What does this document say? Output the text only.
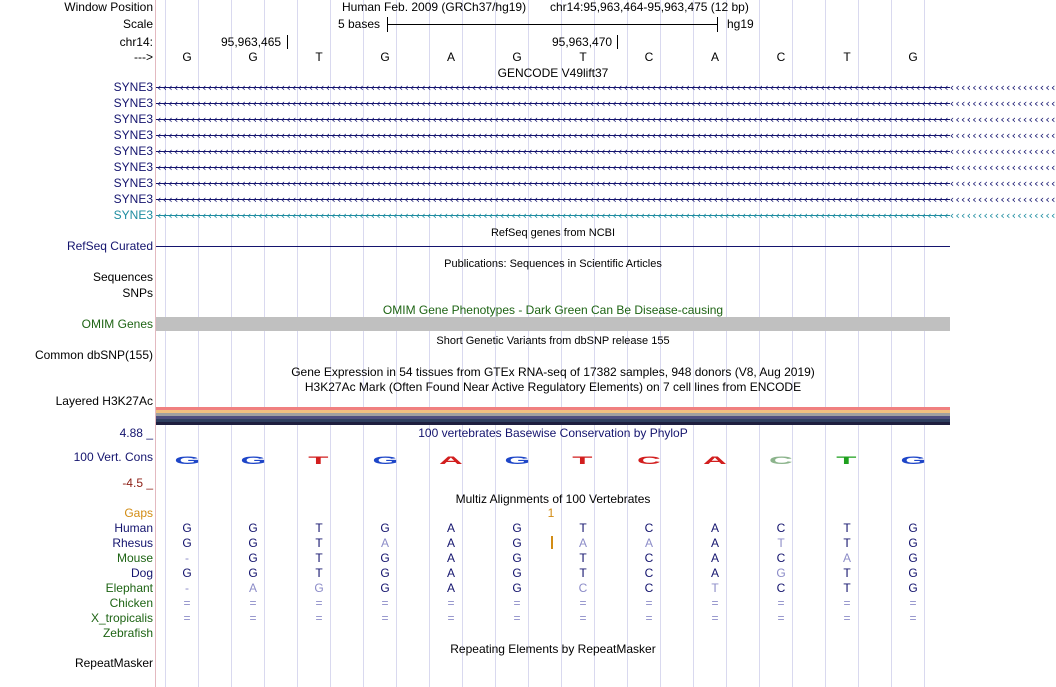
Window Position	Human Feb. 2009 (GRCh37/hg19) chr14:95,963,464-95,963,475 (12 bp)
Scale	5 bases	hg19
chr14:	95,963,465	95,963,470
--->	G	G	T	G	A	G	T	C	A	C	T	G
GENCODE V49lift37
SYNE3 ‹‹‹‹‹‹‹‹‹‹‹‹‹‹‹‹‹‹‹‹‹‹‹‹‹‹‹‹‹‹‹‹‹‹‹‹‹‹‹‹‹‹‹‹‹‹‹‹‹‹‹‹‹‹‹‹‹‹‹‹‹‹‹‹‹‹‹‹‹‹‹‹‹‹‹‹‹‹‹‹‹‹‹‹‹‹‹‹‹‹‹‹‹‹‹‹‹‹‹‹‹‹‹‹‹‹‹‹‹‹‹‹‹‹‹‹‹‹‹‹‹‹‹‹‹‹‹‹‹‹‹‹‹‹‹‹‹‹‹‹‹‹‹‹‹‹‹‹‹‹‹‹‹‹‹‹‹‹‹‹
SYNE3 ‹‹‹‹‹‹‹‹‹‹‹‹‹‹‹‹‹‹‹‹‹‹‹‹‹‹‹‹‹‹‹‹‹‹‹‹‹‹‹‹‹‹‹‹‹‹‹‹‹‹‹‹‹‹‹‹‹‹‹‹‹‹‹‹‹‹‹‹‹‹‹‹‹‹‹‹‹‹‹‹‹‹‹‹‹‹‹‹‹‹‹‹‹‹‹‹‹‹‹‹‹‹‹‹‹‹‹‹‹‹‹‹‹‹‹‹‹‹‹‹‹‹‹‹‹‹‹‹‹‹‹‹‹‹‹‹‹‹‹‹‹‹‹‹‹‹‹‹‹‹‹‹‹‹‹‹‹‹‹‹
SYNE3 ‹‹‹‹‹‹‹‹‹‹‹‹‹‹‹‹‹‹‹‹‹‹‹‹‹‹‹‹‹‹‹‹‹‹‹‹‹‹‹‹‹‹‹‹‹‹‹‹‹‹‹‹‹‹‹‹‹‹‹‹‹‹‹‹‹‹‹‹‹‹‹‹‹‹‹‹‹‹‹‹‹‹‹‹‹‹‹‹‹‹‹‹‹‹‹‹‹‹‹‹‹‹‹‹‹‹‹‹‹‹‹‹‹‹‹‹‹‹‹‹‹‹‹‹‹‹‹‹‹‹‹‹‹‹‹‹‹‹‹‹‹‹‹‹‹‹‹‹‹‹‹‹‹‹‹‹‹‹‹‹
SYNE3 ‹‹‹‹‹‹‹‹‹‹‹‹‹‹‹‹‹‹‹‹‹‹‹‹‹‹‹‹‹‹‹‹‹‹‹‹‹‹‹‹‹‹‹‹‹‹‹‹‹‹‹‹‹‹‹‹‹‹‹‹‹‹‹‹‹‹‹‹‹‹‹‹‹‹‹‹‹‹‹‹‹‹‹‹‹‹‹‹‹‹‹‹‹‹‹‹‹‹‹‹‹‹‹‹‹‹‹‹‹‹‹‹‹‹‹‹‹‹‹‹‹‹‹‹‹‹‹‹‹‹‹‹‹‹‹‹‹‹‹‹‹‹‹‹‹‹‹‹‹‹‹‹‹‹‹‹‹‹‹‹
SYNE3 ‹‹‹‹‹‹‹‹‹‹‹‹‹‹‹‹‹‹‹‹‹‹‹‹‹‹‹‹‹‹‹‹‹‹‹‹‹‹‹‹‹‹‹‹‹‹‹‹‹‹‹‹‹‹‹‹‹‹‹‹‹‹‹‹‹‹‹‹‹‹‹‹‹‹‹‹‹‹‹‹‹‹‹‹‹‹‹‹‹‹‹‹‹‹‹‹‹‹‹‹‹‹‹‹‹‹‹‹‹‹‹‹‹‹‹‹‹‹‹‹‹‹‹‹‹‹‹‹‹‹‹‹‹‹‹‹‹‹‹‹‹‹‹‹‹‹‹‹‹‹‹‹‹‹‹‹‹‹‹‹
SYNE3 ‹‹‹‹‹‹‹‹‹‹‹‹‹‹‹‹‹‹‹‹‹‹‹‹‹‹‹‹‹‹‹‹‹‹‹‹‹‹‹‹‹‹‹‹‹‹‹‹‹‹‹‹‹‹‹‹‹‹‹‹‹‹‹‹‹‹‹‹‹‹‹‹‹‹‹‹‹‹‹‹‹‹‹‹‹‹‹‹‹‹‹‹‹‹‹‹‹‹‹‹‹‹‹‹‹‹‹‹‹‹‹‹‹‹‹‹‹‹‹‹‹‹‹‹‹‹‹‹‹‹‹‹‹‹‹‹‹‹‹‹‹‹‹‹‹‹‹‹‹‹‹‹‹‹‹‹‹‹‹‹
SYNE3 ‹‹‹‹‹‹‹‹‹‹‹‹‹‹‹‹‹‹‹‹‹‹‹‹‹‹‹‹‹‹‹‹‹‹‹‹‹‹‹‹‹‹‹‹‹‹‹‹‹‹‹‹‹‹‹‹‹‹‹‹‹‹‹‹‹‹‹‹‹‹‹‹‹‹‹‹‹‹‹‹‹‹‹‹‹‹‹‹‹‹‹‹‹‹‹‹‹‹‹‹‹‹‹‹‹‹‹‹‹‹‹‹‹‹‹‹‹‹‹‹‹‹‹‹‹‹‹‹‹‹‹‹‹‹‹‹‹‹‹‹‹‹‹‹‹‹‹‹‹‹‹‹‹‹‹‹‹‹‹‹
SYNE3 ‹‹‹‹‹‹‹‹‹‹‹‹‹‹‹‹‹‹‹‹‹‹‹‹‹‹‹‹‹‹‹‹‹‹‹‹‹‹‹‹‹‹‹‹‹‹‹‹‹‹‹‹‹‹‹‹‹‹‹‹‹‹‹‹‹‹‹‹‹‹‹‹‹‹‹‹‹‹‹‹‹‹‹‹‹‹‹‹‹‹‹‹‹‹‹‹‹‹‹‹‹‹‹‹‹‹‹‹‹‹‹‹‹‹‹‹‹‹‹‹‹‹‹‹‹‹‹‹‹‹‹‹‹‹‹‹‹‹‹‹‹‹‹‹‹‹‹‹‹‹‹‹‹‹‹‹‹‹‹‹
SYNE3 ‹‹‹‹‹‹‹‹‹‹‹‹‹‹‹‹‹‹‹‹‹‹‹‹‹‹‹‹‹‹‹‹‹‹‹‹‹‹‹‹‹‹‹‹‹‹‹‹‹‹‹‹‹‹‹‹‹‹‹‹‹‹‹‹‹‹‹‹‹‹‹‹‹‹‹‹‹‹‹‹‹‹‹‹‹‹‹‹‹‹‹‹‹‹‹‹‹‹‹‹‹‹‹‹‹‹‹‹‹‹‹‹‹‹‹‹‹‹‹‹‹‹‹‹‹‹‹‹‹‹‹‹‹‹‹‹‹‹‹‹‹‹‹‹‹‹‹‹‹‹‹‹‹‹‹‹‹‹‹‹
RefSeq genes from NCBI
RefSeq Curated
Publications: Sequences in Scientific Articles
Sequences
SNPs
OMIM Gene Phenotypes - Dark Green Can Be Disease-causing
OMIM Genes
Short Genetic Variants from dbSNP release 155
Common dbSNP(155)
Gene Expression in 54 tissues from GTEx RNA-seq of 17382 samples, 948 donors (V8, Aug 2019)
H3K27Ac Mark (Often Found Near Active Regulatory Elements) on 7 cell lines from ENCODE
Layered H3K27Ac
4.88 _	100 vertebrates Basewise Conservation by PhyloP
100 Vert. Cons G	G	T	G	A	G	T	C	A	C	T	G
-4.5 _
Multiz Alignments of 100 Vertebrates
Gaps	1
Human	G	G	T	G	A	G	T	C	A	C	T	G
Rhesus	G	G	T	A	A	G	A	A	A	T	T	G
Mouse	-	G	T	G	A	G	T	C	A	C	A	G
Dog	G	G	T	G	A	G	T	C	A	G	T	G
Elephant	-	A	G	G	A	G	C	C	T	C	T	G
Chicken	=	=	=	=	=	=	=	=	=	=	=	=
X_tropicalis	=	=	=	=	=	=	=	=	=	=	=	=
Zebrafish
Repeating Elements by RepeatMasker
RepeatMasker
